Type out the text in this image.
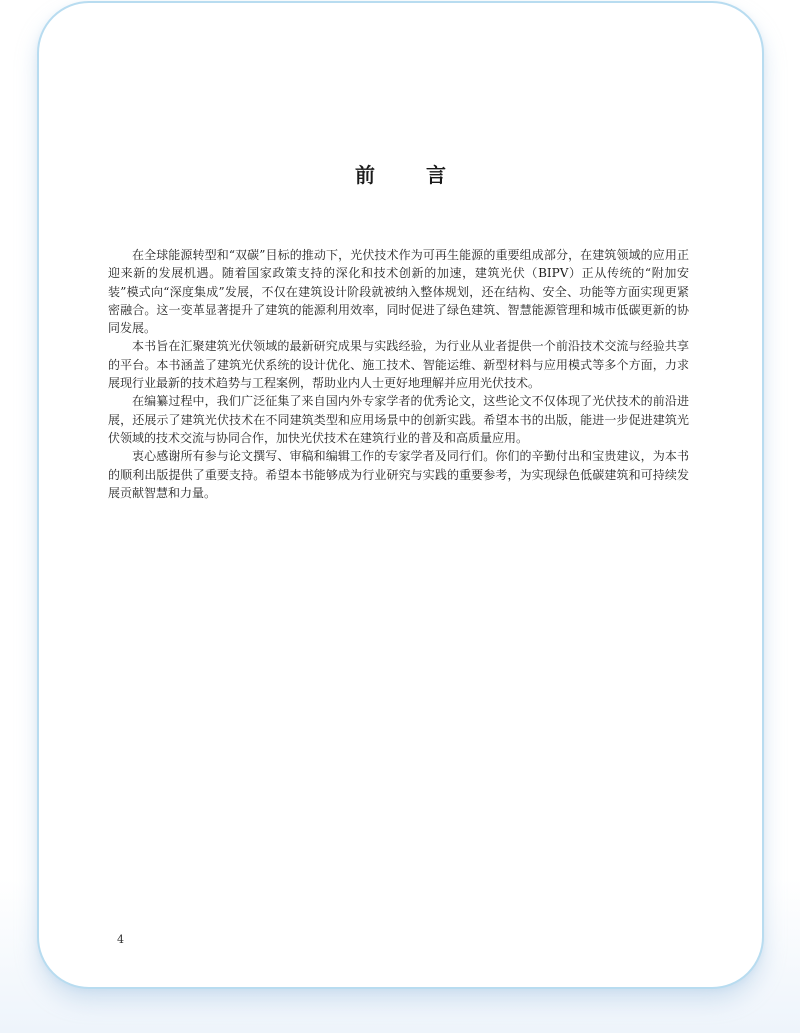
前 言

在全球能源转型和“双碳”目标的推动下，光伏技术作为可再生能源的重要组成部分，在建筑领域的应用正迎来新的发展机遇。随着国家政策支持的深化和技术创新的加速，建筑光伏（BIPV）正从传统的“附加安装”模式向“深度集成”发展，不仅在建筑设计阶段就被纳入整体规划，还在结构、安全、功能等方面实现更紧密融合。这一变革显著提升了建筑的能源利用效率，同时促进了绿色建筑、智慧能源管理和城市低碳更新的协同发展。

本书旨在汇聚建筑光伏领域的最新研究成果与实践经验，为行业从业者提供一个前沿技术交流与经验共享的平台。本书涵盖了建筑光伏系统的设计优化、施工技术、智能运维、新型材料与应用模式等多个方面，力求展现行业最新的技术趋势与工程案例，帮助业内人士更好地理解并应用光伏技术。

在编纂过程中，我们广泛征集了来自国内外专家学者的优秀论文，这些论文不仅体现了光伏技术的前沿进展，还展示了建筑光伏技术在不同建筑类型和应用场景中的创新实践。希望本书的出版，能进一步促进建筑光伏领域的技术交流与协同合作，加快光伏技术在建筑行业的普及和高质量应用。

衷心感谢所有参与论文撰写、审稿和编辑工作的专家学者及同行们。你们的辛勤付出和宝贵建议，为本书的顺利出版提供了重要支持。希望本书能够成为行业研究与实践的重要参考，为实现绿色低碳建筑和可持续发展贡献智慧和力量。

4
